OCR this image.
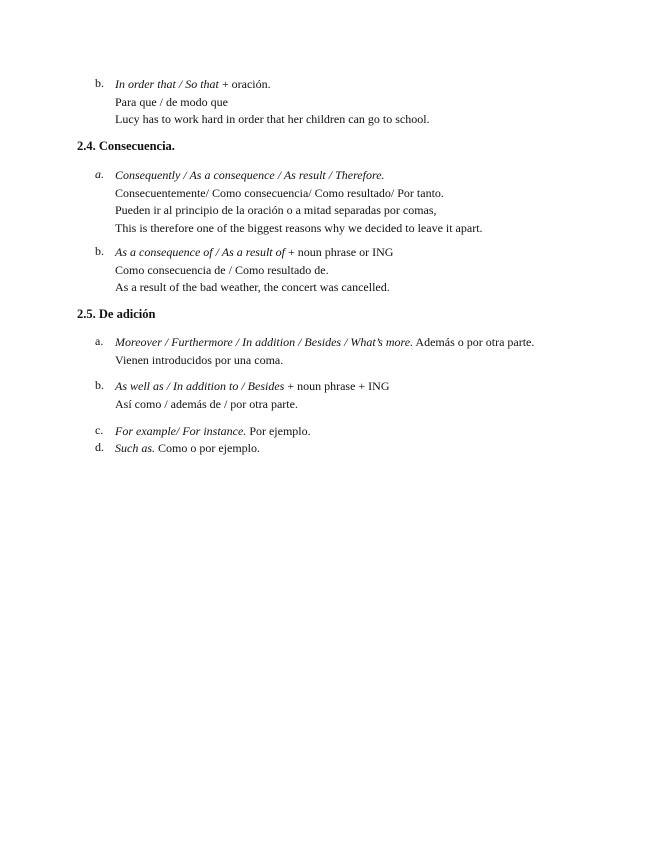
b. In order that / So that + oración.
Para que / de modo que
Lucy has to work hard in order that her children can go to school.
2.4. Consecuencia.
a. Consequently / As a consequence / As result / Therefore.
Consecuentemente/ Como consecuencia/ Como resultado/ Por tanto.
Pueden ir al principio de la oración o a mitad separadas por comas,
This is therefore one of the biggest reasons why we decided to leave it apart.
b. As a consequence of / As a result of + noun phrase or ING
Como consecuencia de / Como resultado de.
As a result of the bad weather, the concert was cancelled.
2.5. De adición
a. Moreover / Furthermore / In addition / Besides / What’s more. Además o por otra parte.
Vienen introducidos por una coma.
b. As well as / In addition to / Besides + noun phrase + ING
Así como / además de / por otra parte.
c. For example/ For instance. Por ejemplo.
d. Such as. Como o por ejemplo.
